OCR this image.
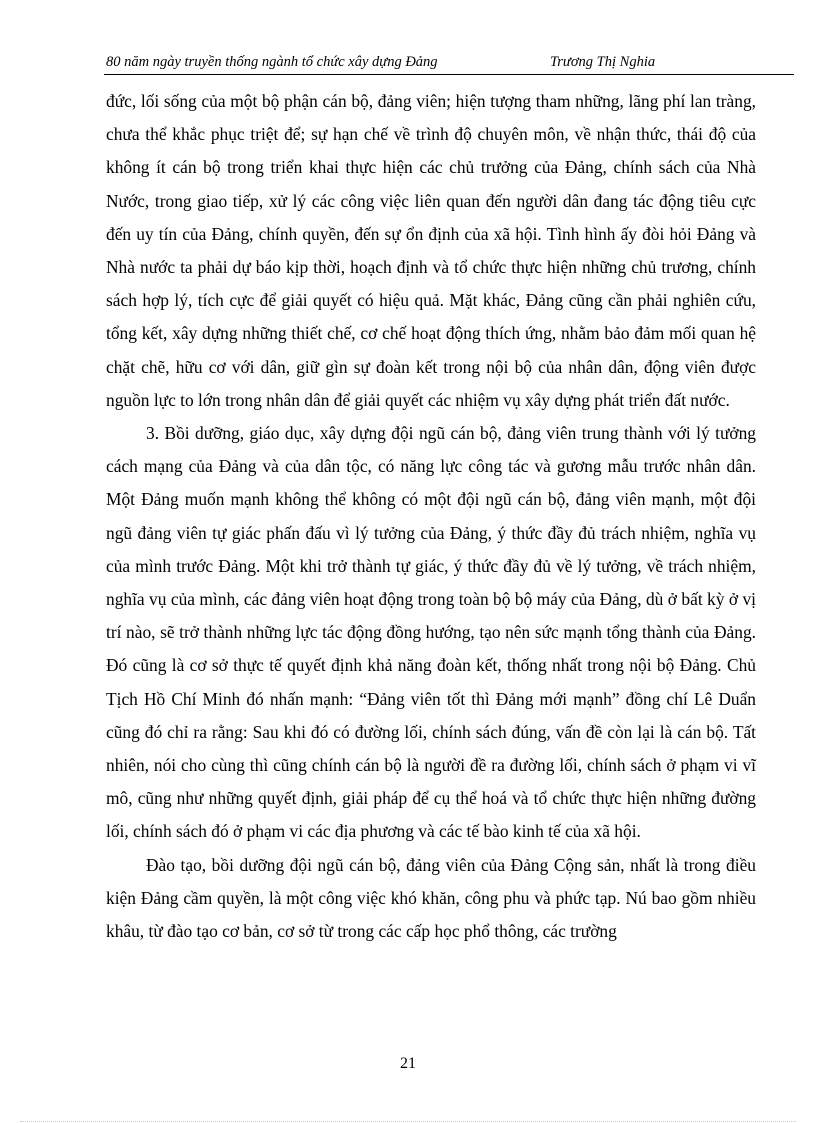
80 năm ngày truyền thống ngành tổ chức xây dựng Đảng	Trương Thị Nghia

đức, lối sống của một bộ phận cán bộ, đảng viên; hiện tượng tham những, lãng phí lan tràng, chưa thể khắc phục triệt để; sự hạn chế về trình độ chuyên môn, về nhận thức, thái độ của không ít cán bộ trong triển khai thực hiện các chủ trưởng của Đảng, chính sách của Nhà Nước, trong giao tiếp, xử lý các công việc liên quan đến người dân đang tác động tiêu cực đến uy tín của Đảng, chính quyền, đến sự ổn định của xã hội. Tình hình ấy đòi hỏi Đảng và Nhà nước ta phải dự báo kịp thời, hoạch định và tổ chức thực hiện những chủ trương, chính sách hợp lý, tích cực để giải quyết có hiệu quả. Mặt khác, Đảng cũng cần phải nghiên cứu, tổng kết, xây dựng những thiết chế, cơ chế hoạt động thích ứng, nhằm bảo đảm mối quan hệ chặt chẽ, hữu cơ với dân, giữ gìn sự đoàn kết trong nội bộ của nhân dân, động viên được nguồn lực to lớn trong nhân dân để giải quyết các nhiệm vụ xây dựng phát triển đất nước.

3. Bồi dưỡng, giáo dục, xây dựng đội ngũ cán bộ, đảng viên trung thành với lý tưởng cách mạng của Đảng và của dân tộc, có năng lực công tác và gương mẫu trước nhân dân. Một Đảng muốn mạnh không thể không có một đội ngũ cán bộ, đảng viên mạnh, một đội ngũ đảng viên tự giác phấn đấu vì lý tưởng của Đảng, ý thức đầy đủ trách nhiệm, nghĩa vụ của mình trước Đảng. Một khi trở thành tự giác, ý thức đầy đủ về lý tưởng, về trách nhiệm, nghĩa vụ của mình, các đảng viên hoạt động trong toàn bộ bộ máy của Đảng, dù ở bất kỳ ở vị trí nào, sẽ trở thành những lực tác động đồng hướng, tạo nên sức mạnh tổng thành của Đảng. Đó cũng là cơ sở thực tế quyết định khả năng đoàn kết, thống nhất trong nội bộ Đảng. Chủ Tịch Hồ Chí Minh đó nhấn mạnh: “Đảng viên tốt thì Đảng mới mạnh” đồng chí Lê Duẩn cũng đó chỉ ra rằng: Sau khi đó có đường lối, chính sách đúng, vấn đề còn lại là cán bộ. Tất nhiên, nói cho cùng thì cũng chính cán bộ là người đề ra đường lối, chính sách ở phạm vi vĩ mô, cũng như những quyết định, giải pháp để cụ thể hoá và tổ chức thực hiện những đường lối, chính sách đó ở phạm vi các địa phương và các tế bào kinh tế của xã hội.

Đào tạo, bồi dưỡng đội ngũ cán bộ, đảng viên của Đảng Cộng sản, nhất là trong điều kiện Đảng cầm quyền, là một công việc khó khăn, công phu và phức tạp. Nú bao gồm nhiều khâu, từ đào tạo cơ bản, cơ sở từ trong các cấp học phổ thông, các trường

21
